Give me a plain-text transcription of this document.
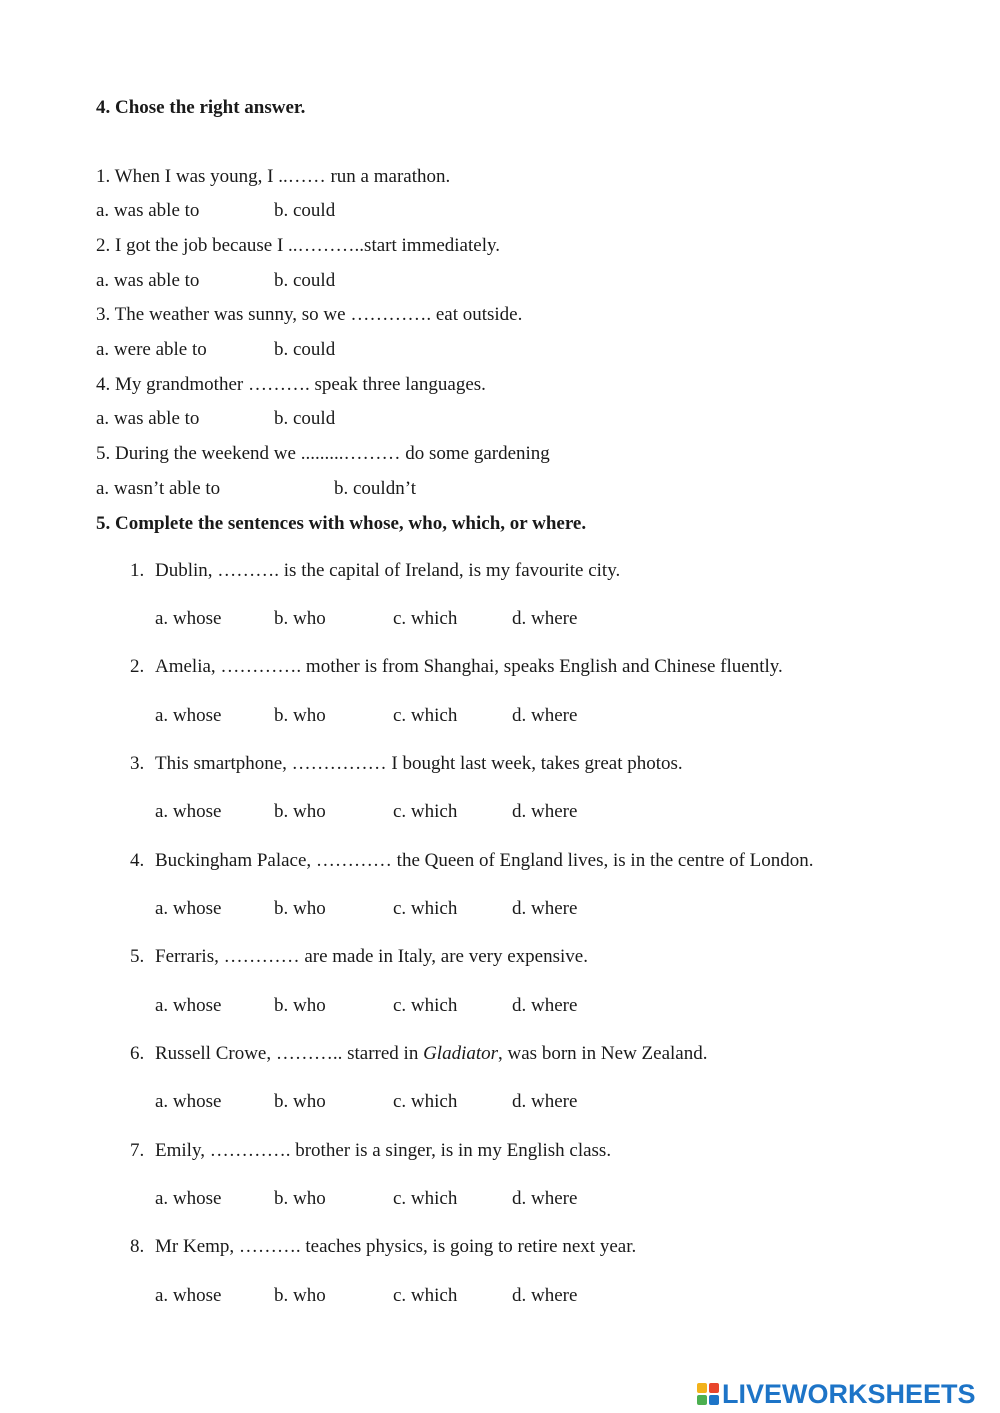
4. Chose the right answer.
1. When I was young, I ..…… run a marathon.
a. was able to	b. could
2. I got the job because I ..………..start immediately.
a. was able to	b. could
3. The weather was sunny, so we …………. eat outside.
a. were able to	b. could
4. My grandmother ………. speak three languages.
a. was able to	b. could
5. During the weekend we .........……… do some gardening
a. wasn’t able to	b. couldn’t
5. Complete the sentences with whose, who, which, or where.
1. Dublin, ………. is the capital of Ireland, is my favourite city.
a. whose	b. who	c. which	d. where
2. Amelia, …………. mother is from Shanghai, speaks English and Chinese fluently.
a. whose	b. who	c. which	d. where
3. This smartphone, …………… I bought last week, takes great photos.
a. whose	b. who	c. which	d. where
4. Buckingham Palace, ………… the Queen of England lives, is in the centre of London.
a. whose	b. who	c. which	d. where
5. Ferraris, ………… are made in Italy, are very expensive.
a. whose	b. who	c. which	d. where
6. Russell Crowe, ……….. starred in Gladiator, was born in New Zealand.
a. whose	b. who	c. which	d. where
7. Emily, …………. brother is a singer, is in my English class.
a. whose	b. who	c. which	d. where
8. Mr Kemp, ………. teaches physics, is going to retire next year.
a. whose	b. who	c. which	d. where
LIVEWORKSHEETS
